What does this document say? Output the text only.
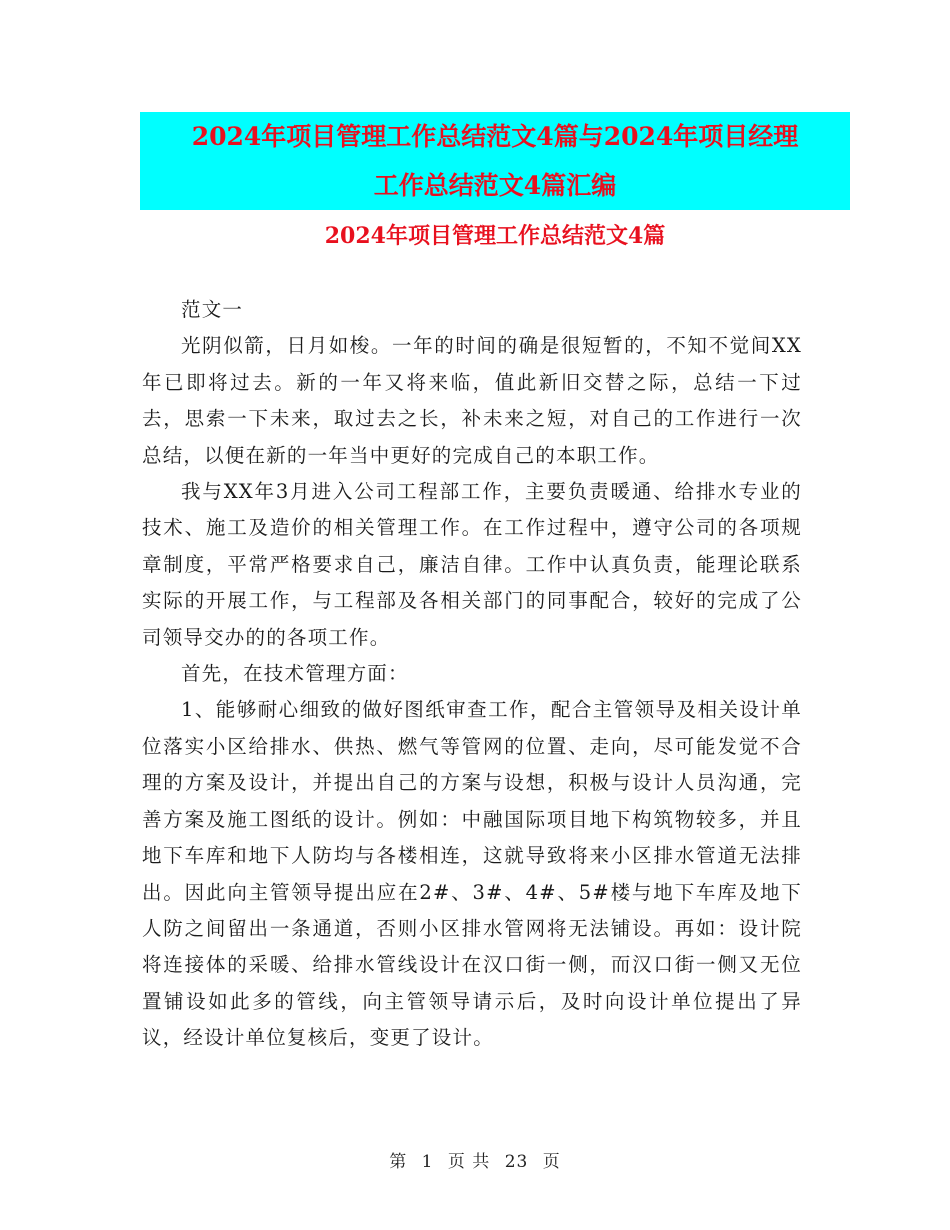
2024年项目管理工作总结范文4篇与2024年项目经理
工作总结范文4篇汇编
2024年项目管理工作总结范文4篇

范文一

光阴似箭，日月如梭。一年的时间的确是很短暂的，不知不觉间XX年已即将过去。新的一年又将来临，值此新旧交替之际，总结一下过去，思索一下未来，取过去之长，补未来之短，对自己的工作进行一次总结，以便在新的一年当中更好的完成自己的本职工作。

我与XX年3月进入公司工程部工作，主要负责暖通、给排水专业的技术、施工及造价的相关管理工作。在工作过程中，遵守公司的各项规章制度，平常严格要求自己，廉洁自律。工作中认真负责，能理论联系实际的开展工作，与工程部及各相关部门的同事配合，较好的完成了公司领导交办的的各项工作。

首先，在技术管理方面：

1、能够耐心细致的做好图纸审查工作，配合主管领导及相关设计单位落实小区给排水、供热、燃气等管网的位置、走向，尽可能发觉不合理的方案及设计，并提出自己的方案与设想，积极与设计人员沟通，完善方案及施工图纸的设计。例如：中融国际项目地下构筑物较多，并且地下车库和地下人防均与各楼相连，这就导致将来小区排水管道无法排出。因此向主管领导提出应在2#、3#、4#、5#楼与地下车库及地下人防之间留出一条通道，否则小区排水管网将无法铺设。再如：设计院将连接体的采暖、给排水管线设计在汉口街一侧，而汉口街一侧又无位置铺设如此多的管线，向主管领导请示后，及时向设计单位提出了异议，经设计单位复核后，变更了设计。

第 1 页 共 23 页
